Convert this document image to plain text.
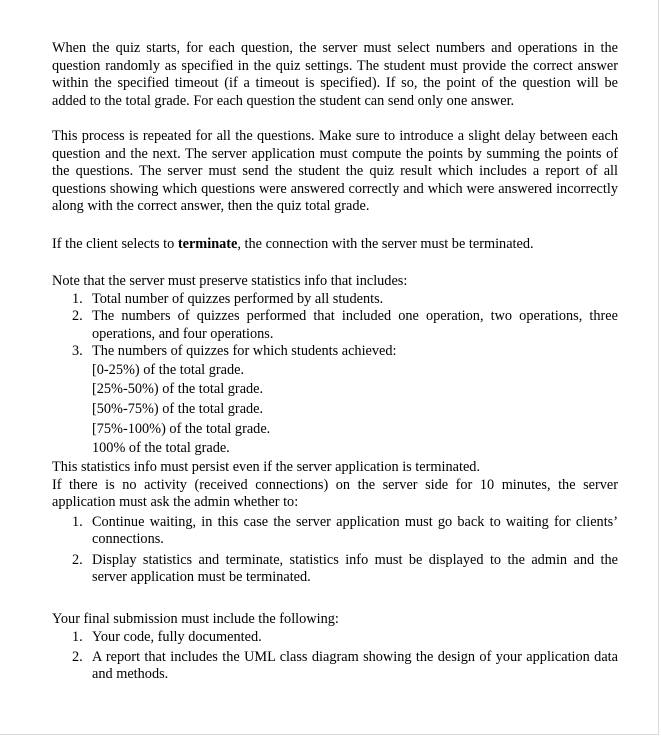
When the quiz starts, for each question, the server must select numbers and operations in the question randomly as specified in the quiz settings. The student must provide the correct answer within the specified timeout (if a timeout is specified). If so, the point of the question will be added to the total grade. For each question the student can send only one answer.

This process is repeated for all the questions. Make sure to introduce a slight delay between each question and the next. The server application must compute the points by summing the points of the questions. The server must send the student the quiz result which includes a report of all questions showing which questions were answered correctly and which were answered incorrectly along with the correct answer, then the quiz total grade.

If the client selects to terminate, the connection with the server must be terminated.

Note that the server must preserve statistics info that includes:

1. Total number of quizzes performed by all students.
2. The numbers of quizzes performed that included one operation, two operations, three operations, and four operations.
3. The numbers of quizzes for which students achieved:
[0-25%) of the total grade.
[25%-50%) of the total grade.
[50%-75%) of the total grade.
[75%-100%) of the total grade.
100% of the total grade.

This statistics info must persist even if the server application is terminated.

If there is no activity (received connections) on the server side for 10 minutes, the server application must ask the admin whether to:

1. Continue waiting, in this case the server application must go back to waiting for clients’ connections.
2. Display statistics and terminate, statistics info must be displayed to the admin and the server application must be terminated.

Your final submission must include the following:

1. Your code, fully documented.
2. A report that includes the UML class diagram showing the design of your application data and methods.
